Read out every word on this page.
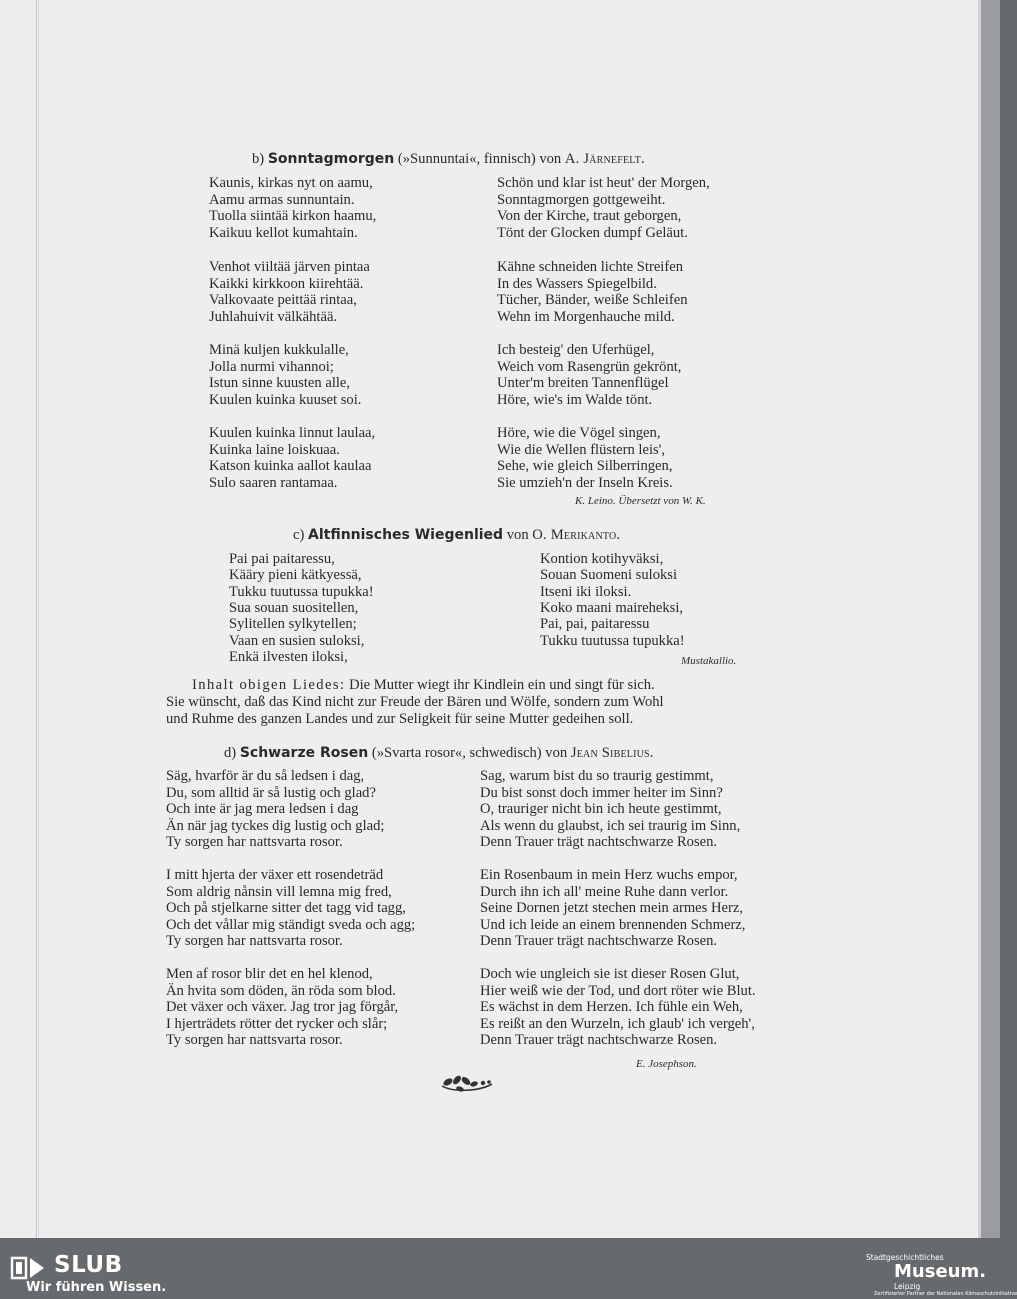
b) Sonntagmorgen (»Sunnuntai«, finnisch) von A. Järnefelt.
Kaunis, kirkas nyt on aamu,
Aamu armas sunnuntain.
Tuolla siintää kirkon haamu,
Kaikuu kellot kumahtain.
Venhot viiltää järven pintaa
Kaikki kirkkoon kiirehtää.
Valkovaate peittää rintaa,
Juhlahuivit välkähtää.
Minä kuljen kukkulalle,
Jolla nurmi vihannoi;
Istun sinne kuusten alle,
Kuulen kuinka kuuset soi.
Kuulen kuinka linnut laulaa,
Kuinka laine loiskuaa.
Katson kuinka aallot kaulaa
Sulo saaren rantamaa.
Schön und klar ist heut' der Morgen,
Sonntagmorgen gottgeweiht.
Von der Kirche, traut geborgen,
Tönt der Glocken dumpf Geläut.
Kähne schneiden lichte Streifen
In des Wassers Spiegelbild.
Tücher, Bänder, weiße Schleifen
Wehn im Morgenhauche mild.
Ich besteig' den Uferhügel,
Weich vom Rasengrün gekrönt,
Unter'm breiten Tannenflügel
Höre, wie's im Walde tönt.
Höre, wie die Vögel singen,
Wie die Wellen flüstern leis',
Sehe, wie gleich Silberringen,
Sie umzieh'n der Inseln Kreis.
K. Leino. Übersetzt von W. K.
c) Altfinnisches Wiegenlied von O. Merikanto.
Pai pai paitaressu,
Kääry pieni kätkyessä,
Tukku tuutussa tupukka!
Sua souan suositellen,
Sylitellen sylkytellen;
Vaan en susien suloksi,
Enkä ilvesten iloksi,
Kontion kotihyväksi,
Souan Suomeni suloksi
Itseni iki iloksi.
Koko maani maireheksi,
Pai, pai, paitaressu
Tukku tuutussa tupukka!
Mustakallio.
Inhalt obigen Liedes: Die Mutter wiegt ihr Kindlein ein und singt für sich.
Sie wünscht, daß das Kind nicht zur Freude der Bären und Wölfe, sondern zum Wohl
und Ruhme des ganzen Landes und zur Seligkeit für seine Mutter gedeihen soll.
d) Schwarze Rosen (»Svarta rosor«, schwedisch) von Jean Sibelius.
Säg, hvarför är du så ledsen i dag,
Du, som alltid är så lustig och glad?
Och inte är jag mera ledsen i dag
Än när jag tyckes dig lustig och glad;
Ty sorgen har nattsvarta rosor.
I mitt hjerta der växer ett rosendeträd
Som aldrig nånsin vill lemna mig fred,
Och på stjelkarne sitter det tagg vid tagg,
Och det vållar mig ständigt sveda och agg;
Ty sorgen har nattsvarta rosor.
Men af rosor blir det en hel klenod,
Än hvita som döden, än röda som blod.
Det växer och växer. Jag tror jag förgår,
I hjerträdets rötter det rycker och slår;
Ty sorgen har nattsvarta rosor.
Sag, warum bist du so traurig gestimmt,
Du bist sonst doch immer heiter im Sinn?
O, trauriger nicht bin ich heute gestimmt,
Als wenn du glaubst, ich sei traurig im Sinn,
Denn Trauer trägt nachtschwarze Rosen.
Ein Rosenbaum in mein Herz wuchs empor,
Durch ihn ich all' meine Ruhe dann verlor.
Seine Dornen jetzt stechen mein armes Herz,
Und ich leide an einem brennenden Schmerz,
Denn Trauer trägt nachtschwarze Rosen.
Doch wie ungleich sie ist dieser Rosen Glut,
Hier weiß wie der Tod, und dort röter wie Blut.
Es wächst in dem Herzen. Ich fühle ein Weh,
Es reißt an den Wurzeln, ich glaub' ich vergeh',
Denn Trauer trägt nachtschwarze Rosen.
E. Josephson.
SLUB
Wir führen Wissen.
Stadtgeschichtliches
Museum.
Leipzig
Zertifizierter Partner der Nationalen Klimaschutzinitiative
